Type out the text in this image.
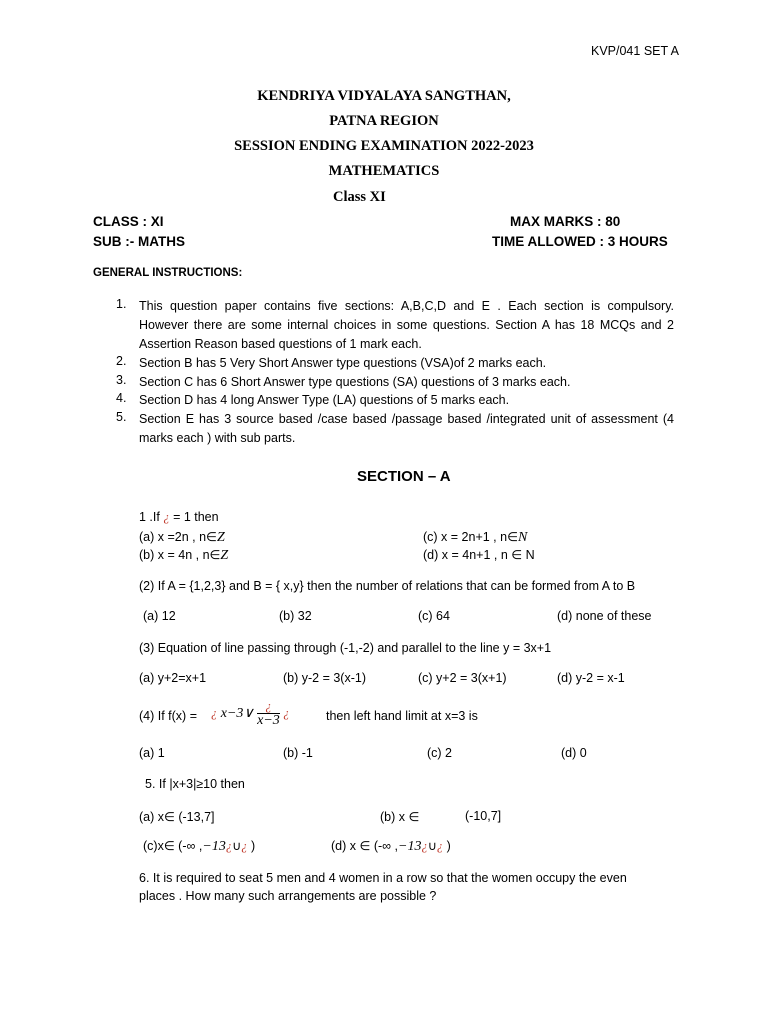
KVP/041 SET A
KENDRIYA VIDYALAYA SANGTHAN,
PATNA REGION
SESSION ENDING EXAMINATION 2022-2023
MATHEMATICS
Class XI
CLASS : XI	MAX MARKS : 80
SUB :- MATHS	TIME ALLOWED : 3 HOURS
GENERAL INSTRUCTIONS:
1. This question paper contains five sections: A,B,C,D and E . Each section is compulsory. However there are some internal choices in some questions. Section A has 18 MCQs and 2 Assertion Reason based questions of 1 mark each.
2. Section B has 5 Very Short Answer type questions (VSA)of 2 marks each.
3. Section C has 6 Short Answer type questions (SA) questions of 3 marks each.
4. Section D has 4 long Answer Type (LA) questions of 5 marks each.
5. Section E has 3 source based /case based /passage based /integrated unit of assessment (4 marks each ) with sub parts.
SECTION – A
1 .If ¿ = 1 then
(a) x =2n , n∈Z
(b) x = 4n , n∈Z
(c) x = 2n+1 , n∈N
(d) x = 4n+1 , n ∈ N
(2) If A = {1,2,3} and B = { x,y} then the number of relations that can be formed from A to B
(a) 12	(b) 32	(c) 64	(d) none of these
(3) Equation of line passing through (-1,-2) and parallel to the line y = 3x+1
(a) y+2=x+1	(b) y-2 = 3(x-1)	(c) y+2 = 3(x+1)	(d) y-2 = x-1
(4) If f(x) = ¿ x−3∨ $\frac{¿}{x-3}$ ¿	then left hand limit at x=3 is
(a) 1	(b) -1	(c) 2	(d) 0
5. If |x+3|≥10 then
(a) x∈ (-13,7]	(b) x ∈	(-10,7]
(c)x∈ (-∞ ,−13¿∪¿ )	(d) x ∈ (-∞ ,−13¿∪¿ )
6. It is required to seat 5 men and 4 women in a row so that the women occupy the even
places . How many such arrangements are possible ?
